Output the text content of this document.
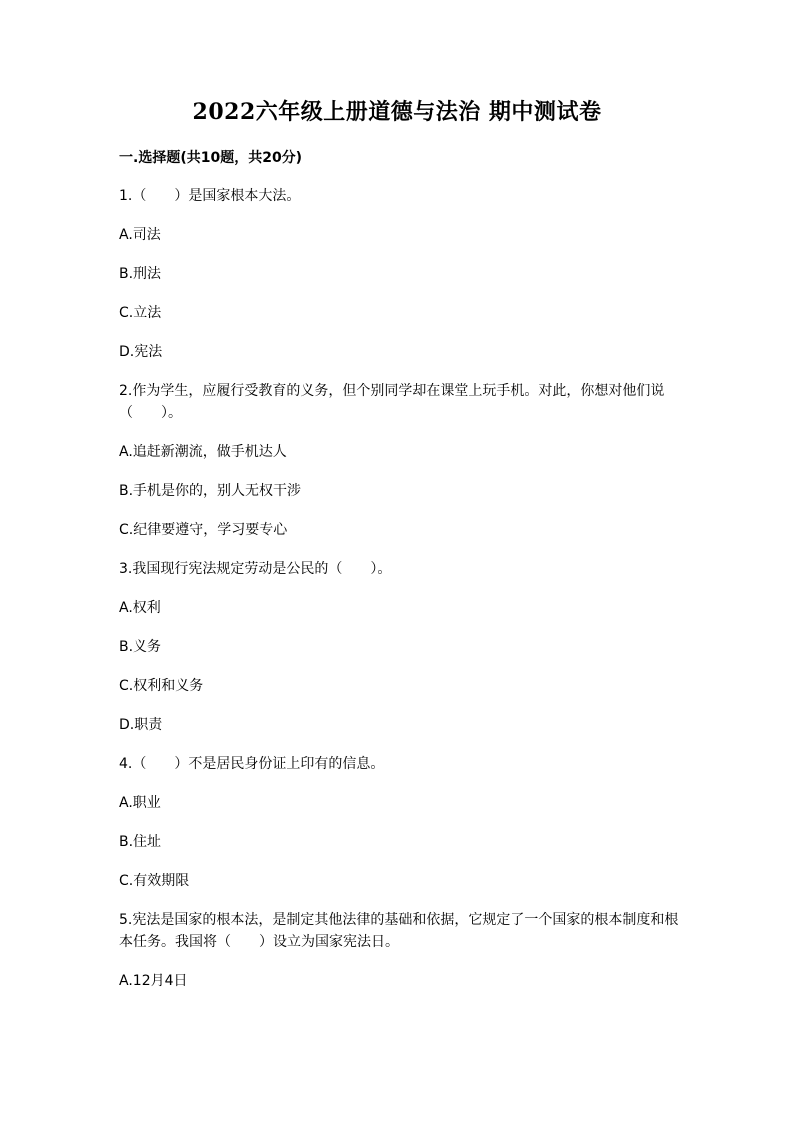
2022六年级上册道德与法治 期中测试卷
一.选择题(共10题，共20分)

1.（　　）是国家根本大法。

A.司法

B.刑法

C.立法

D.宪法

2.作为学生，应履行受教育的义务，但个别同学却在课堂上玩手机。对此，你想对他们说（　　）。

A.追赶新潮流，做手机达人

B.手机是你的，别人无权干涉

C.纪律要遵守，学习要专心

3.我国现行宪法规定劳动是公民的（　　）。

A.权利

B.义务

C.权利和义务

D.职责

4.（　　）不是居民身份证上印有的信息。

A.职业

B.住址

C.有效期限

5.宪法是国家的根本法，是制定其他法律的基础和依据，它规定了一个国家的根本制度和根本任务。我国将（　　）设立为国家宪法日。

A.12月4日
